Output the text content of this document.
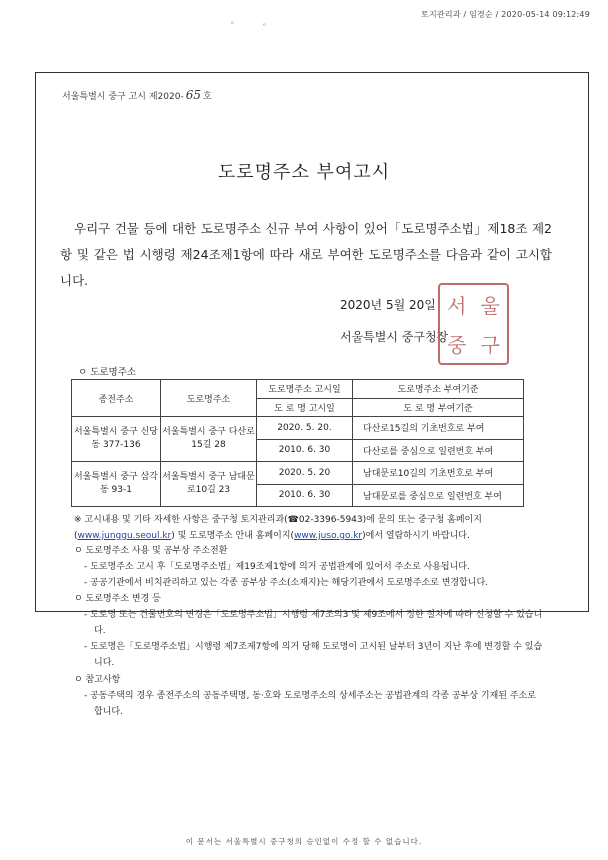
토지관리과 / 임경순 / 2020-05-14 09:12:49
ᵒ	ᵒ
서울특별시 중구 고시 제2020- 65 호
도로명주소 부여고시
우리구 건물 등에 대한 도로명주소 신규 부여 사항이 있어「도로명주소법」제18조 제2항 및 같은 법 시행령 제24조제1항에 따라 새로 부여한 도로명주소를 다음과 같이 고시합니다.
2020년 5월 20일
서울특별시 중구청장
서 울
중 구
ㅇ 도로명주소
종전주소	도로명주소	도로명주소 고시일	도로명주소 부여기준
		도 로 명 고시일	도 로 명 부여기준
서울특별시 중구 신당동 377-136	서울특별시 중구 다산로15길 28	2020. 5. 20.	다산로15길의 기초번호로 부여
		2010. 6. 30	다산로를 중심으로 일련번호 부여
서울특별시 중구 삼각동 93-1	서울특별시 중구 남대문로10길 23	2020. 5. 20	남대문로10길의 기초번호로 부여
		2010. 6. 30	남대문로를 중심으로 일련번호 부여
※ 고시내용 및 기타 자세한 사항은 중구청 토지관리과(☎02-3396-5943)에 문의 또는 중구청 홈페이지 (www.junggu.seoul.kr) 및 도로명주소 안내 홈페이지(www.juso.go.kr)에서 열람하시기 바랍니다.
ㅇ 도로명주소 사용 및 공부상 주소전환
- 도로명주소 고시 후「도로명주소법」제19조제1항에 의거 공법관계에 있어서 주소로 사용됩니다.
- 공공기관에서 비치관리하고 있는 각종 공부상 주소(소재지)는 해당기관에서 도로명주소로 변경합니다.
ㅇ 도로명주소 변경 등
- 도로명 또는 건물번호의 변경은「도로명주소법」시행령 제7조의3 및 제9조에서 정한 절차에 따라 신청할 수 있습니다.
- 도로명은「도로명주소법」시행령 제7조제7항에 의거 당해 도로명이 고시된 날부터 3년이 지난 후에 변경할 수 있습니다.
ㅇ 참고사항
- 공동주택의 경우 종전주소의 공동주택명, 동·호와 도로명주소의 상세주소는 공법관계의 각종 공부상 기재된 주소로 합니다.
이 문서는 서울특별시 중구청의 승인없이 수정 할 수 없습니다.
